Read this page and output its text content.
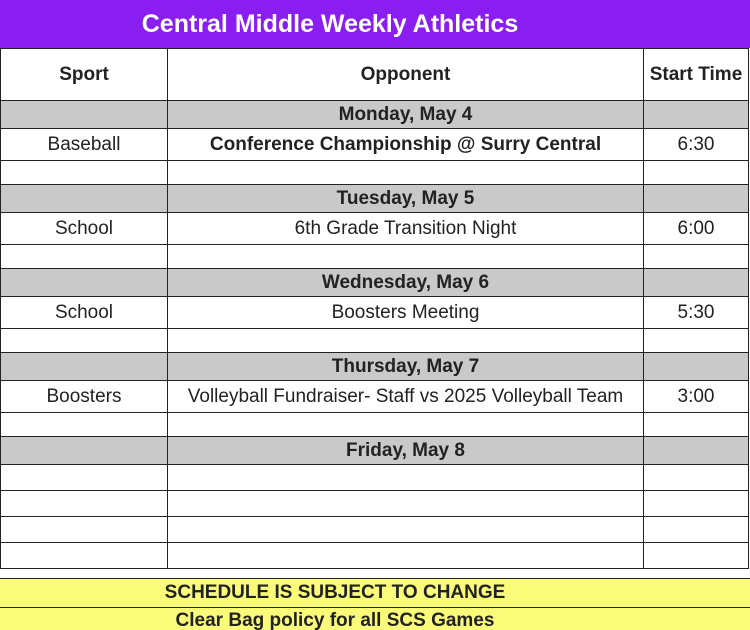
Central Middle Weekly Athletics
Sport	Opponent	Start Time
	Monday, May 4	
Baseball	Conference Championship @ Surry Central	6:30

	Tuesday, May 5	
School	6th Grade Transition Night	6:00

	Wednesday, May 6	
School	Boosters Meeting	5:30

	Thursday, May 7	
Boosters	Volleyball Fundraiser- Staff vs 2025 Volleyball Team	3:00

	Friday, May 8	

SCHEDULE IS SUBJECT TO CHANGE
Clear Bag policy for all SCS Games
